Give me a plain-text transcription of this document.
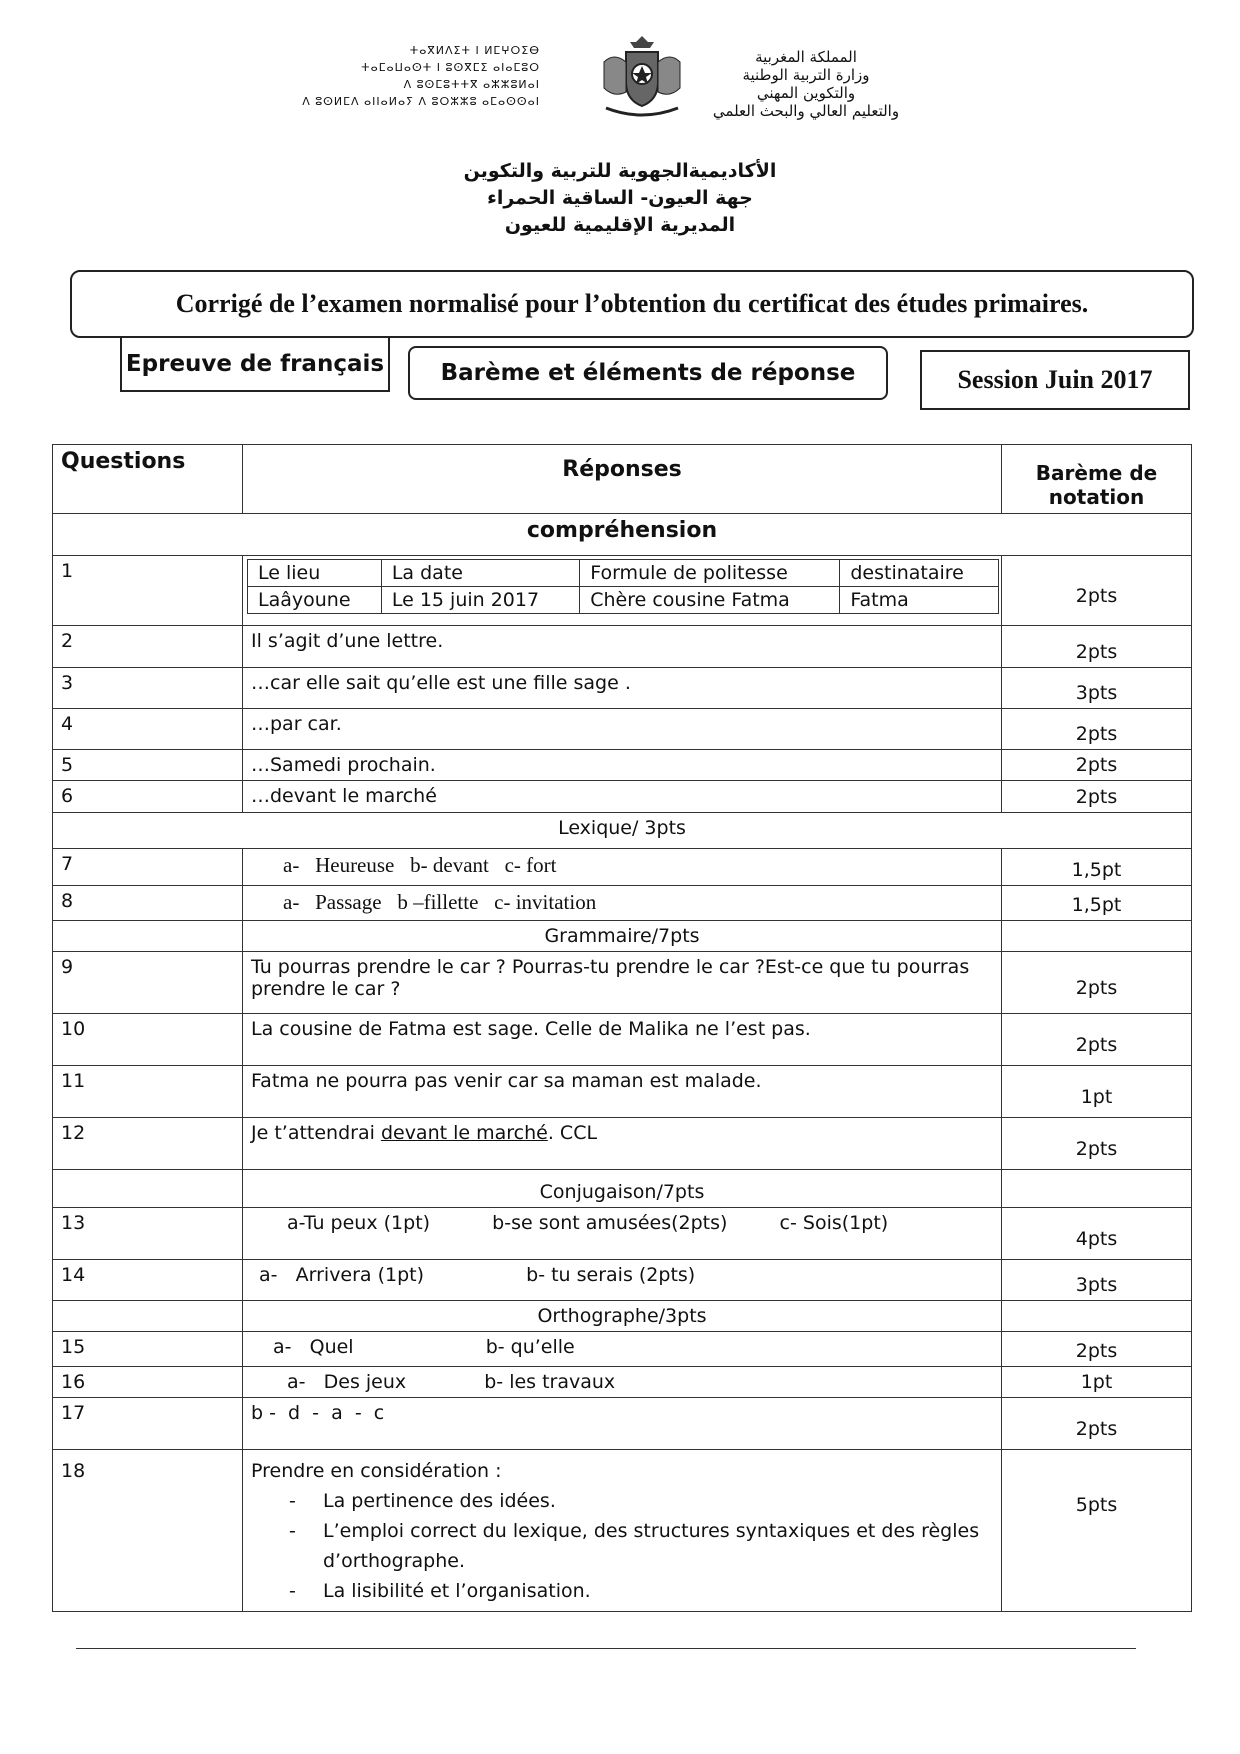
ⵜⴰⴳⵍⴷⵉⵜ ⵏ ⵍⵎⵖⵔⵉⴱ
ⵜⴰⵎⴰⵡⴰⵙⵜ ⵏ ⵓⵙⴳⵎⵉ ⴰⵏⴰⵎⵓⵔ
ⴷ ⵓⵙⵎⵓⵜⵜⴳ ⴰⵣⵣⵓⵍⴰⵏ
ⴷ ⵓⵙⵍⵎⴷ ⴰⵏⵏⴰⵍⴰⵢ ⴷ ⵓⵔⵣⵣⵓ ⴰⵎⴰⵙⵙⴰⵏ
المملكة المغربية
وزارة التربية الوطنية
والتكوين المهني
والتعليم العالي والبحث العلمي
الأكاديميةالجهوية للتربية والتكوين
جهة العيون- الساقية الحمراء
المديرية الإقليمية للعيون
Corrigé de l’examen normalisé pour l’obtention du certificat des études primaires.
Epreuve de français Barème et éléments de réponse	Session Juin 2017
Questions	Réponses	Barème de notation
compréhension
1		Le lieu	La date	Formule de politesse	destinataire
Laâyoune	Le 15 juin 2017	Chère cousine Fatma	Fatma
		2pts
2	Il s’agit d’une lettre.	2pts
3	…car elle sait qu’elle est une fille sage .	3pts
4	…par car.	2pts
5	…Samedi prochain.	2pts
6	…devant le marché	2pts
Lexique/ 3pts
7	a- Heureuse b- devant c- fort	1,5pt
8	a- Passage b –fillette c- invitation	1,5pt
	Grammaire/7pts	
9	Tu pourras prendre le car ? Pourras-tu prendre le car ?Est-ce que tu pourras prendre le car ?	2pts
10	La cousine de Fatma est sage. Celle de Malika ne l’est pas.	2pts
11	Fatma ne pourra pas venir car sa maman est malade.	1pt
12	Je t’attendrai devant le marché. CCL	2pts
	Conjugaison/7pts	
13	a-Tu peux (1pt)	b-se sont amusées(2pts)	c- Sois(1pt)	4pts
14	a- Arrivera (1pt)	b- tu serais (2pts)	3pts
	Orthographe/3pts	
15	a- Quel	b- qu’elle	2pts
16	a- Des jeux	b- les travaux	1pt
17	b -  d  -  a  -  c	2pts
18	Prendre en considération :
- La pertinence des idées.
- L’emploi correct du lexique, des structures syntaxiques et des règles d’orthographe.
- La lisibilité et l’organisation.
	5pts
